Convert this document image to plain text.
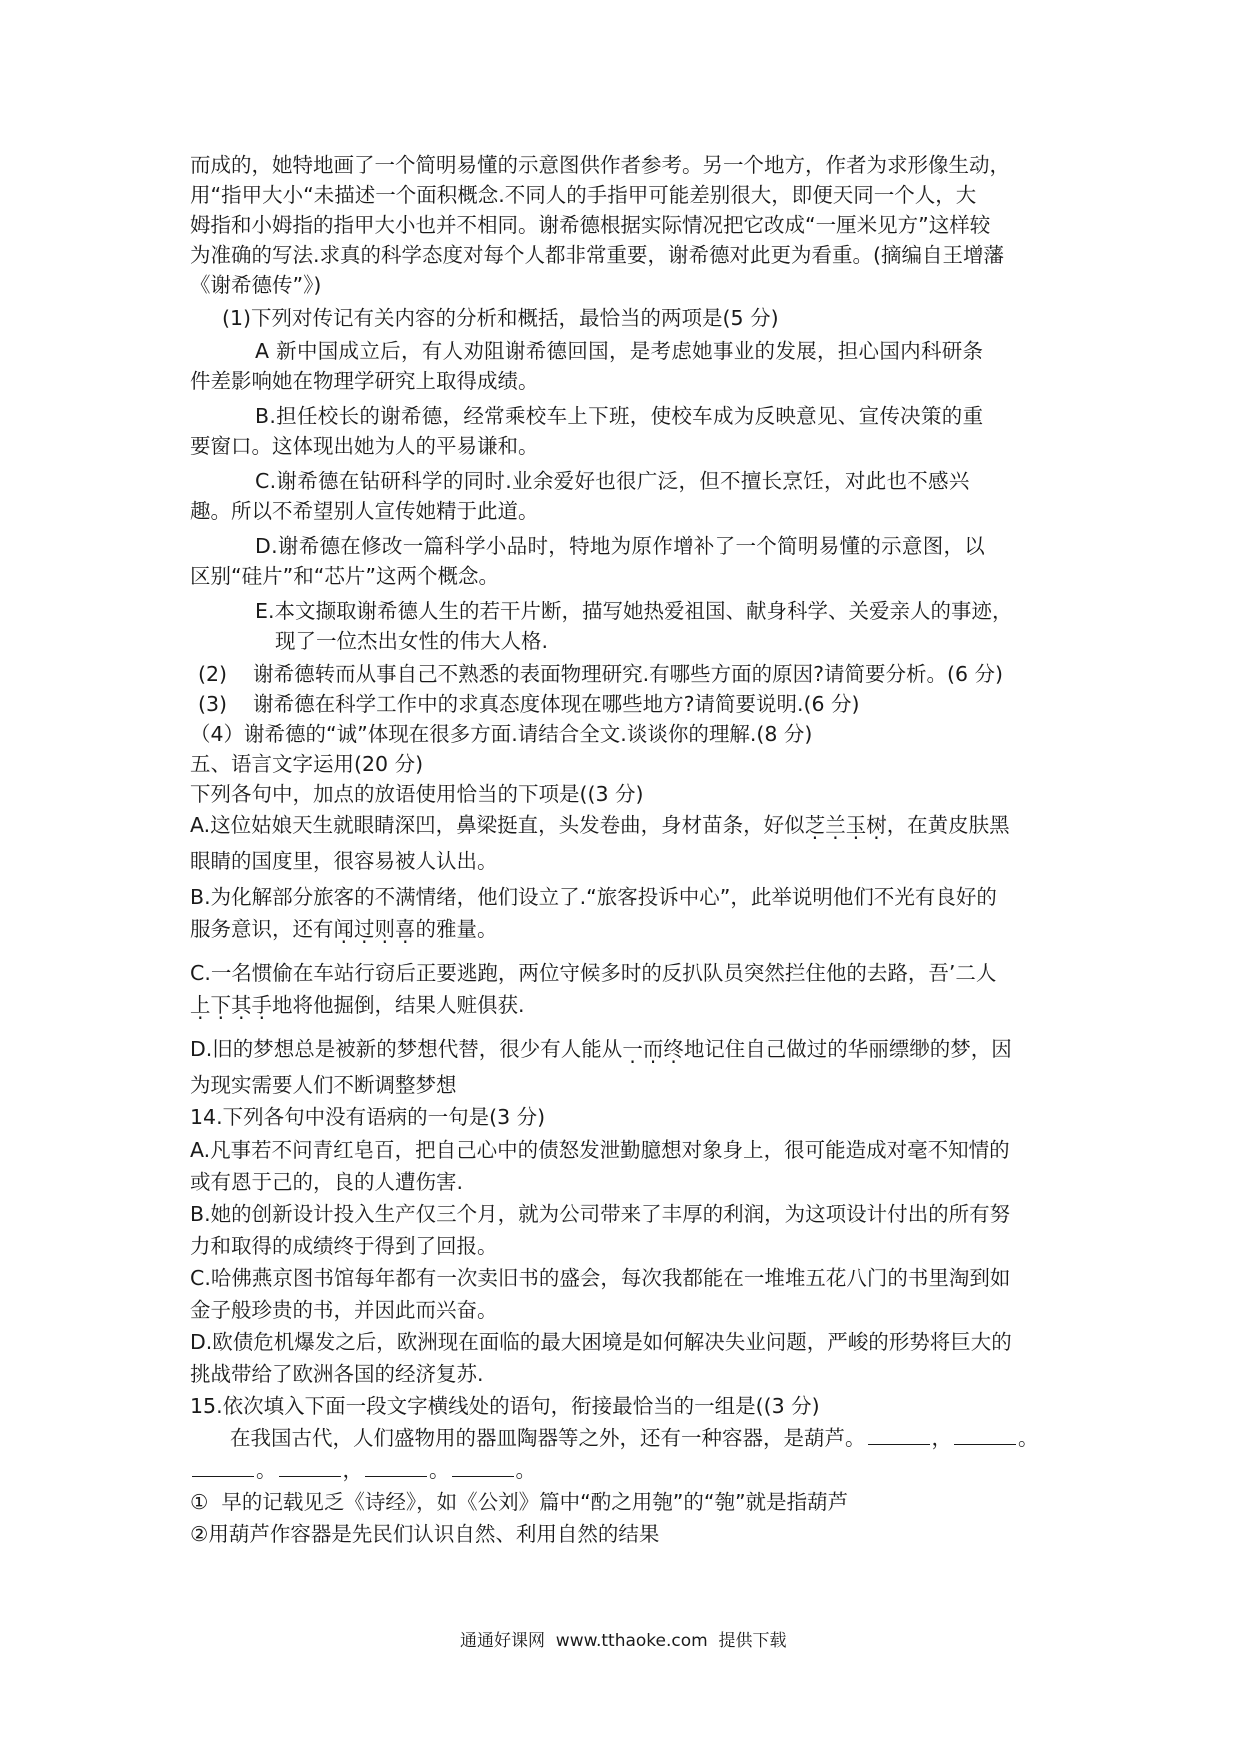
而成的，她特地画了一个简明易懂的示意图供作者参考。另一个地方，作者为求形像生动，

用“指甲大小“未描述一个面积概念.不同人的手指甲可能差别很大，即便天同一个人，大

姆指和小姆指的指甲大小也并不相同。谢希德根据实际情况把它改成“一厘米见方”这样较

为准确的写法.求真的科学态度对每个人都非常重要，谢希德对此更为看重。(摘编自王增藩

《谢希德传”》)

(1)下列对传记有关内容的分析和概括，最恰当的两项是(5 分)

A 新中国成立后，有人劝阻谢希德回国，是考虑她事业的发展，担心国内科研条

件差影响她在物理学研究上取得成绩。

B.担任校长的谢希德，经常乘校车上下班，使校车成为反映意见、宣传决策的重

要窗口。这体现出她为人的平易谦和。

C.谢希德在钻研科学的同时.业余爱好也很广泛，但不擅长烹饪，对此也不感兴

趣。所以不希望别人宣传她精于此道。

D.谢希德在修改一篇科学小品时，特地为原作增补了一个简明易懂的示意图，以

区别“硅片”和“芯片”这两个概念。

E.本文撷取谢希德人生的若干片断，描写她热爱祖国、献身科学、关爱亲人的事迹，

现了一位杰出女性的伟大人格.

(2)    谢希德转而从事自己不熟悉的表面物理研究.有哪些方面的原因?请简要分析。(6 分)

(3)    谢希德在科学工作中的求真态度体现在哪些地方?请简要说明.(6 分)

（4）谢希德的“诚”体现在很多方面.请结合全文.谈谈你的理解.(8 分)

五、语言文字运用(20 分)

下列各句中，加点的放语使用恰当的下项是((3 分)

A.这位姑娘天生就眼睛深凹，鼻梁挺直，头发卷曲，身材苗条，好似芝兰玉树，在黄皮肤黑

眼睛的国度里，很容易被人认出。

B.为化解部分旅客的不满情绪，他们设立了.“旅客投诉中心”，此举说明他们不光有良好的

服务意识，还有闻过则喜的雅量。

C.一名惯偷在车站行窃后正要逃跑，两位守候多时的反扒队员突然拦住他的去路，吾’二人

上下其手地将他掘倒，结果人赃俱获.

D.旧的梦想总是被新的梦想代替，很少有人能从一而终地记住自己做过的华丽缥缈的梦，因

为现实需要人们不断调整梦想

14.下列各句中没有语病的一句是(3 分)

A.凡事若不问青红皂百，把自己心中的债怒发泄勤臆想对象身上，很可能造成对毫不知情的

或有恩于己的，良的人遭伤害.

B.她的创新设计投入生产仅三个月，就为公司带来了丰厚的利润，为这项设计付出的所有努

力和取得的成绩终于得到了回报。

C.哈佛燕京图书馆每年都有一次卖旧书的盛会，每次我都能在一堆堆五花八门的书里淘到如

金子般珍贵的书，并因此而兴奋。

D.欧债危机爆发之后，欧洲现在面临的最大困境是如何解决失业问题，严峻的形势将巨大的

挑战带给了欧洲各国的经济复苏.

15.依次填入下面一段文字横线处的语句，衔接最恰当的一组是((3 分)

在我国古代，人们盛物用的器皿陶器等之外，还有一种容器，是葫芦。	，	。

。	，	。	。

①  早的记载见乏《诗经》，如《公刘》篇中“酌之用匏”的“匏”就是指葫芦

②用葫芦作容器是先民们认识自然、利用自然的结果

通通好课网  www.tthaoke.com  提供下载
